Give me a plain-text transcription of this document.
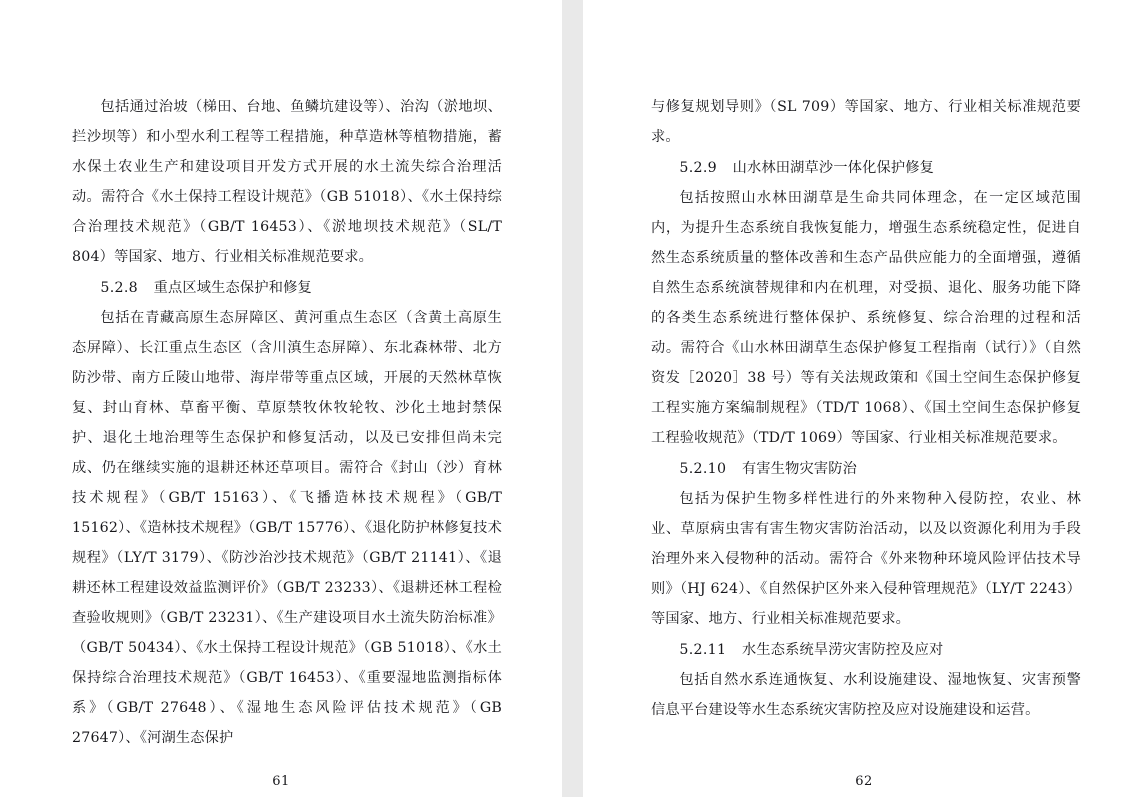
包括通过治坡（梯田、台地、鱼鳞坑建设等）、治沟（淤地坝、拦沙坝等）和小型水利工程等工程措施，种草造林等植物措施，蓄水保土农业生产和建设项目开发方式开展的水土流失综合治理活动。需符合《水土保持工程设计规范》（GB 51018）、《水土保持综合治理技术规范》（GB/T 16453）、《淤地坝技术规范》（SL/T 804）等国家、地方、行业相关标准规范要求。

5.2.8 重点区域生态保护和修复

包括在青藏高原生态屏障区、黄河重点生态区（含黄土高原生态屏障）、长江重点生态区（含川滇生态屏障）、东北森林带、北方防沙带、南方丘陵山地带、海岸带等重点区域，开展的天然林草恢复、封山育林、草畜平衡、草原禁牧休牧轮牧、沙化土地封禁保护、退化土地治理等生态保护和修复活动，以及已安排但尚未完成、仍在继续实施的退耕还林还草项目。需符合《封山（沙）育林技术规程》（GB/T 15163）、《飞播造林技术规程》（GB/T 15162）、《造林技术规程》（GB/T 15776）、《退化防护林修复技术规程》（LY/T 3179）、《防沙治沙技术规范》（GB/T 21141）、《退耕还林工程建设效益监测评价》（GB/T 23233）、《退耕还林工程检查验收规则》（GB/T 23231）、《生产建设项目水土流失防治标准》（GB/T 50434）、《水土保持工程设计规范》（GB 51018）、《水土保持综合治理技术规范》（GB/T 16453）、《重要湿地监测指标体系》（GB/T 27648）、《湿地生态风险评估技术规范》（GB 27647）、《河湖生态保护

61

与修复规划导则》（SL 709）等国家、地方、行业相关标准规范要求。

5.2.9 山水林田湖草沙一体化保护修复

包括按照山水林田湖草是生命共同体理念，在一定区域范围内，为提升生态系统自我恢复能力，增强生态系统稳定性，促进自然生态系统质量的整体改善和生态产品供应能力的全面增强，遵循自然生态系统演替规律和内在机理，对受损、退化、服务功能下降的各类生态系统进行整体保护、系统修复、综合治理的过程和活动。需符合《山水林田湖草生态保护修复工程指南（试行）》（自然资发［2020］38 号）等有关法规政策和《国土空间生态保护修复工程实施方案编制规程》（TD/T 1068）、《国土空间生态保护修复工程验收规范》（TD/T 1069）等国家、行业相关标准规范要求。

5.2.10 有害生物灾害防治

包括为保护生物多样性进行的外来物种入侵防控，农业、林业、草原病虫害有害生物灾害防治活动，以及以资源化利用为手段治理外来入侵物种的活动。需符合《外来物种环境风险评估技术导则》（HJ 624）、《自然保护区外来入侵种管理规范》（LY/T 2243）等国家、地方、行业相关标准规范要求。

5.2.11 水生态系统旱涝灾害防控及应对

包括自然水系连通恢复、水利设施建设、湿地恢复、灾害预警信息平台建设等水生态系统灾害防控及应对设施建设和运营。

62
